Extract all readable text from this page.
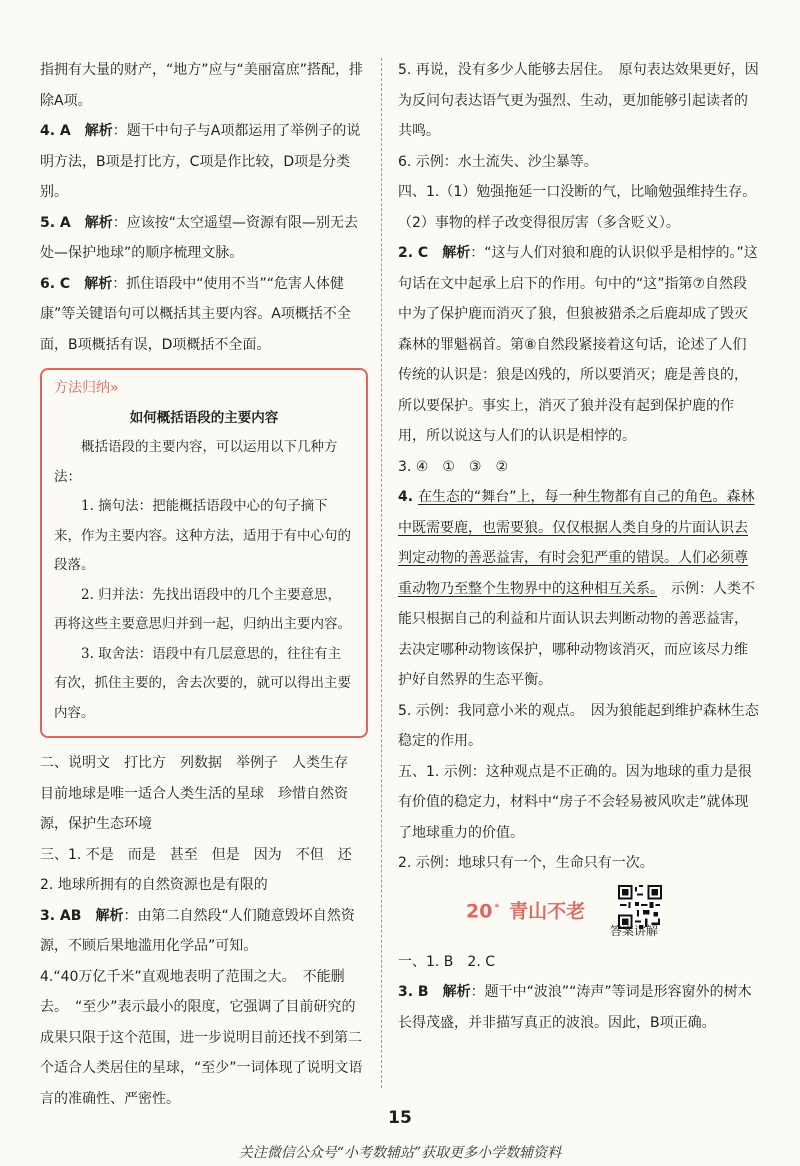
指拥有大量的财产，“地方”应与“美丽富庶”搭配，排除A项。

4. A　 解析：题干中句子与A项都运用了举例子的说明方法，B项是打比方，C项是作比较，D项是分类别。

5. A　 解析：应该按“太空遥望—资源有限—别无去处—保护地球”的顺序梳理文脉。

6. C　 解析：抓住语段中“使用不当”“危害人体健康”等关键语句可以概括其主要内容。A项概括不全面，B项概括有误，D项概括不全面。

方法归纳»
如何概括语段的主要内容

概括语段的主要内容，可以运用以下几种方法：

1. 摘句法：把能概括语段中心的句子摘下来，作为主要内容。这种方法，适用于有中心句的段落。

2. 归并法：先找出语段中的几个主要意思，再将这些主要意思归并到一起，归纳出主要内容。

3. 取舍法：语段中有几层意思的，往往有主有次，抓住主要的，舍去次要的，就可以得出主要内容。

二、说明文　打比方　列数据　举例子　人类生存　目前地球是唯一适合人类生活的星球　珍惜自然资源，保护生态环境

三、1. 不是　而是　甚至　但是　因为　不但　还

2. 地球所拥有的自然资源也是有限的

3. AB　 解析：由第二自然段“人们随意毁坏自然资源，不顾后果地滥用化学品”可知。

4.“40万亿千米”直观地表明了范围之大。　不能删去。　“至少”表示最小的限度，它强调了目前研究的成果只限于这个范围，进一步说明目前还找不到第二个适合人类居住的星球，“至少”一词体现了说明文语言的准确性、严密性。

5. 再说，没有多少人能够去居住。　原句表达效果更好，因为反问句表达语气更为强烈、生动，更加能够引起读者的共鸣。

6. 示例：水土流失、沙尘暴等。

四、1.（1）勉强拖延一口没断的气，比喻勉强维持生存。（2）事物的样子改变得很厉害（多含贬义）。

2. C　 解析：“这与人们对狼和鹿的认识似乎是相悖的。”这句话在文中起承上启下的作用。句中的“这”指第⑦自然段中为了保护鹿而消灭了狼，但狼被猎杀之后鹿却成了毁灭森林的罪魁祸首。第⑧自然段紧接着这句话，论述了人们传统的认识是：狼是凶残的，所以要消灭；鹿是善良的，所以要保护。事实上，消灭了狼并没有起到保护鹿的作用，所以说这与人们的认识是相悖的。

3. ④　①　③　②

4. 在生态的“舞台”上，每一种生物都有自己的角色。森林中既需要鹿，也需要狼。仅仅根据人类自身的片面认识去判定动物的善恶益害，有时会犯严重的错误。人们必须尊重动物乃至整个生物界中的这种相互关系。　示例：人类不能只根据自己的利益和片面认识去判断动物的善恶益害，去决定哪种动物该保护，哪种动物该消灭，而应该尽力维护好自然界的生态平衡。

5. 示例：我同意小米的观点。　因为狼能起到维护森林生态稳定的作用。

五、1. 示例：这种观点是不正确的。因为地球的重力是很有价值的稳定力，材料中“房子不会轻易被风吹走”就体现了地球重力的价值。

2. 示例：地球只有一个，生命只有一次。

20 * 青山不老
答案讲解

一、1. B　2. C

3. B　 解析：题干中“波浪”“涛声”等词是形容窗外的树木长得茂盛，并非描写真正的波浪。因此，B项正确。

15
关注微信公众号“小考数辅站”获取更多小学数辅资料
